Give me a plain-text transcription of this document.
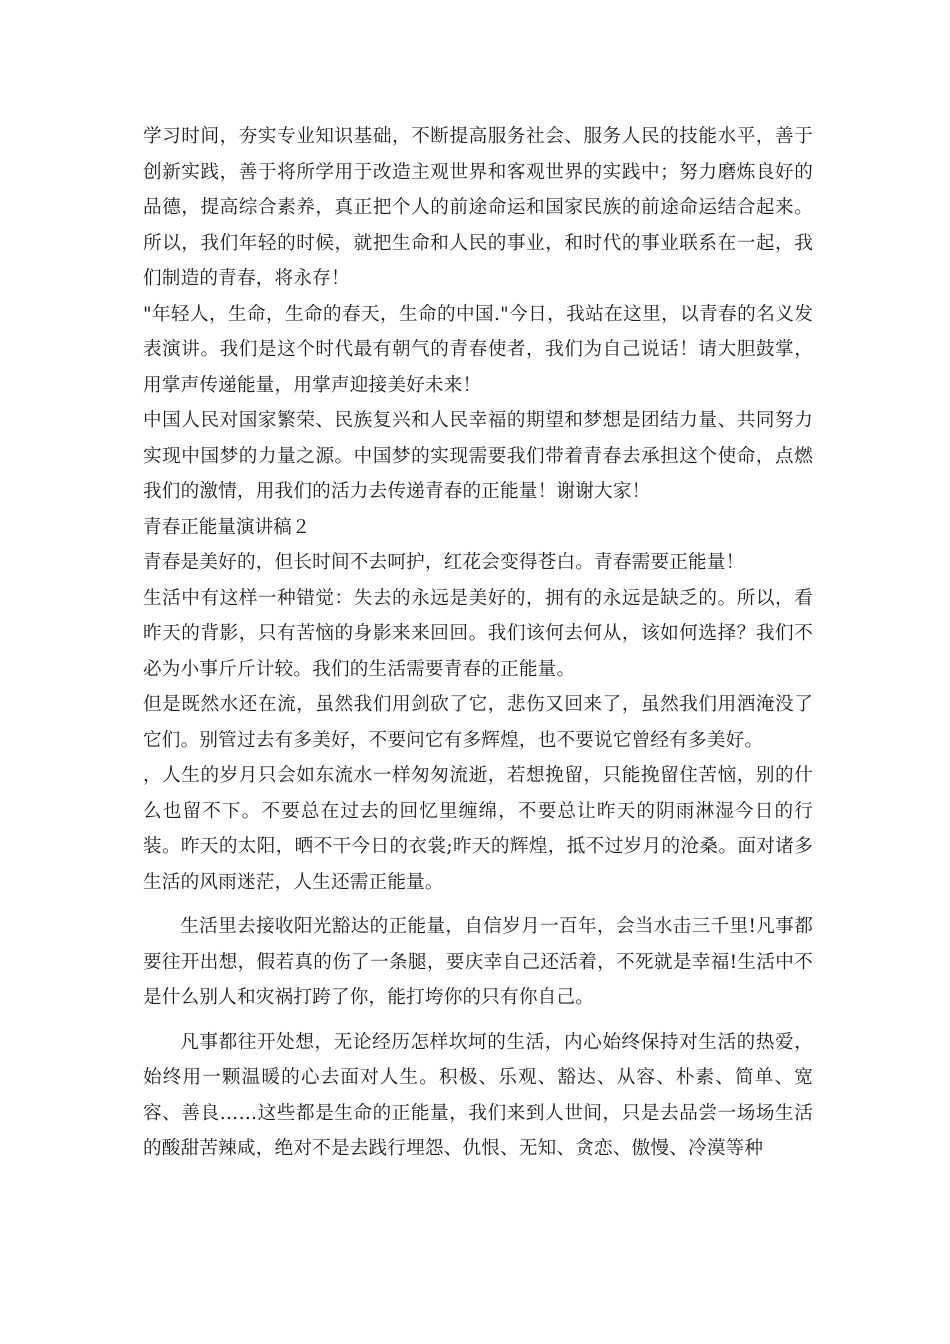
学习时间，夯实专业知识基础，不断提高服务社会、服务人民的技能水平，善于创新实践，善于将所学用于改造主观世界和客观世界的实践中；努力磨炼良好的品德，提高综合素养，真正把个人的前途命运和国家民族的前途命运结合起来。所以，我们年轻的时候，就把生命和人民的事业，和时代的事业联系在一起，我们制造的青春，将永存！

"年轻人，生命，生命的春天，生命的中国."今日，我站在这里，以青春的名义发表演讲。我们是这个时代最有朝气的青春使者，我们为自己说话！请大胆鼓掌，用掌声传递能量，用掌声迎接美好未来！

中国人民对国家繁荣、民族复兴和人民幸福的期望和梦想是团结力量、共同努力实现中国梦的力量之源。中国梦的实现需要我们带着青春去承担这个使命，点燃我们的激情，用我们的活力去传递青春的正能量！谢谢大家！

青春正能量演讲稿２

青春是美好的，但长时间不去呵护，红花会变得苍白。青春需要正能量！

生活中有这样一种错觉：失去的永远是美好的，拥有的永远是缺乏的。所以，看昨天的背影，只有苦恼的身影来来回回。我们该何去何从，该如何选择？我们不必为小事斤斤计较。我们的生活需要青春的正能量。

但是既然水还在流，虽然我们用剑砍了它，悲伤又回来了，虽然我们用酒淹没了它们。别管过去有多美好，不要问它有多辉煌，也不要说它曾经有多美好。

，人生的岁月只会如东流水一样匆匆流逝，若想挽留，只能挽留住苦恼，别的什么也留不下。不要总在过去的回忆里缠绵，不要总让昨天的阴雨淋湿今日的行装。昨天的太阳，晒不干今日的衣裳;昨天的辉煌，抵不过岁月的沧桑。面对诸多生活的风雨迷茫，人生还需正能量。

生活里去接收阳光豁达的正能量，自信岁月一百年，会当水击三千里!凡事都要往开出想，假若真的伤了一条腿，要庆幸自己还活着，不死就是幸福!生活中不是什么别人和灾祸打跨了你，能打垮你的只有你自己。

凡事都往开处想，无论经历怎样坎坷的生活，内心始终保持对生活的热爱，始终用一颗温暖的心去面对人生。积极、乐观、豁达、从容、朴素、简单、宽容、善良……这些都是生命的正能量，我们来到人世间，只是去品尝一场场生活的酸甜苦辣咸，绝对不是去践行埋怨、仇恨、无知、贪恋、傲慢、冷漠等种
